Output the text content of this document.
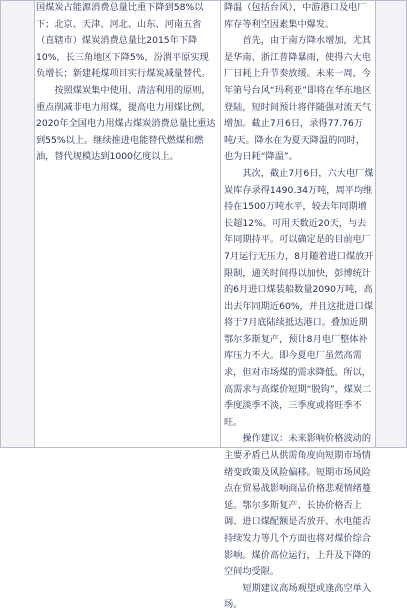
国煤炭占能源消费总量比重下降到58%以下；北京、天津、河北、山东、河南五省（直辖市）煤炭消费总量比2015年下降10%，长三角地区下降5%，汾渭平原实现负增长；新建耗煤项目实行煤炭减量替代。

按照煤炭集中使用、清洁利用的原则，重点削减非电力用煤，提高电力用煤比例，2020年全国电力用煤占煤炭消费总量比重达到55%以上。继续推进电能替代燃煤和燃油，替代规模达到1000亿度以上。

降温（包括台风），中游港口及电厂库存等利空因素集中爆发。

首先，由于南方降水增加，尤其是华南、浙江普降暴雨，使得六大电厂日耗上升节奏放缓。未来一周，今年第号台风“玛利亚”即将在华东地区登陆，短时间预计将伴随强对流天气增加。截止7月6日，录得77.76万吨/天。降水在为夏天降温的同时，也为日耗“降温”。

其次，截止7月6日，六大电厂煤炭库存录得1490.34万吨，周平均维持在1500万吨水平，较去年同期增长超12%。可用天数近20天，与去年同期持平。可以确定是的目前电厂7月运行无压力，8月随着进口煤放开限制，通关时间得以加快，彭博统计的6月进口煤装船数量2090万吨，高出去年同期近60%，并且这批进口煤将于7月底陆续抵达港口。叠加近期鄂尔多斯复产，预计8月电厂整体补库压力不大。即今夏电厂虽然高需求，但对市场煤的需求降低。所以，高需求与高煤价短期“脱钩”，煤炭二季度淡季不淡，三季度或将旺季不旺。

操作建议：未来影响价格波动的主要矛盾已从供需角度向短期市场情绪变政策及风险偏移。短期市场风险点在贸易战影响商品价格悲观情绪蔓延。鄂尔多斯复产、长协价格否上调、进口煤配额是否放开、水电能否持续发力等几个方面也将对煤价综合影响。煤价高位运行，上升及下降的空间均受限。

短期建议高场观望或逢高空单入场。
